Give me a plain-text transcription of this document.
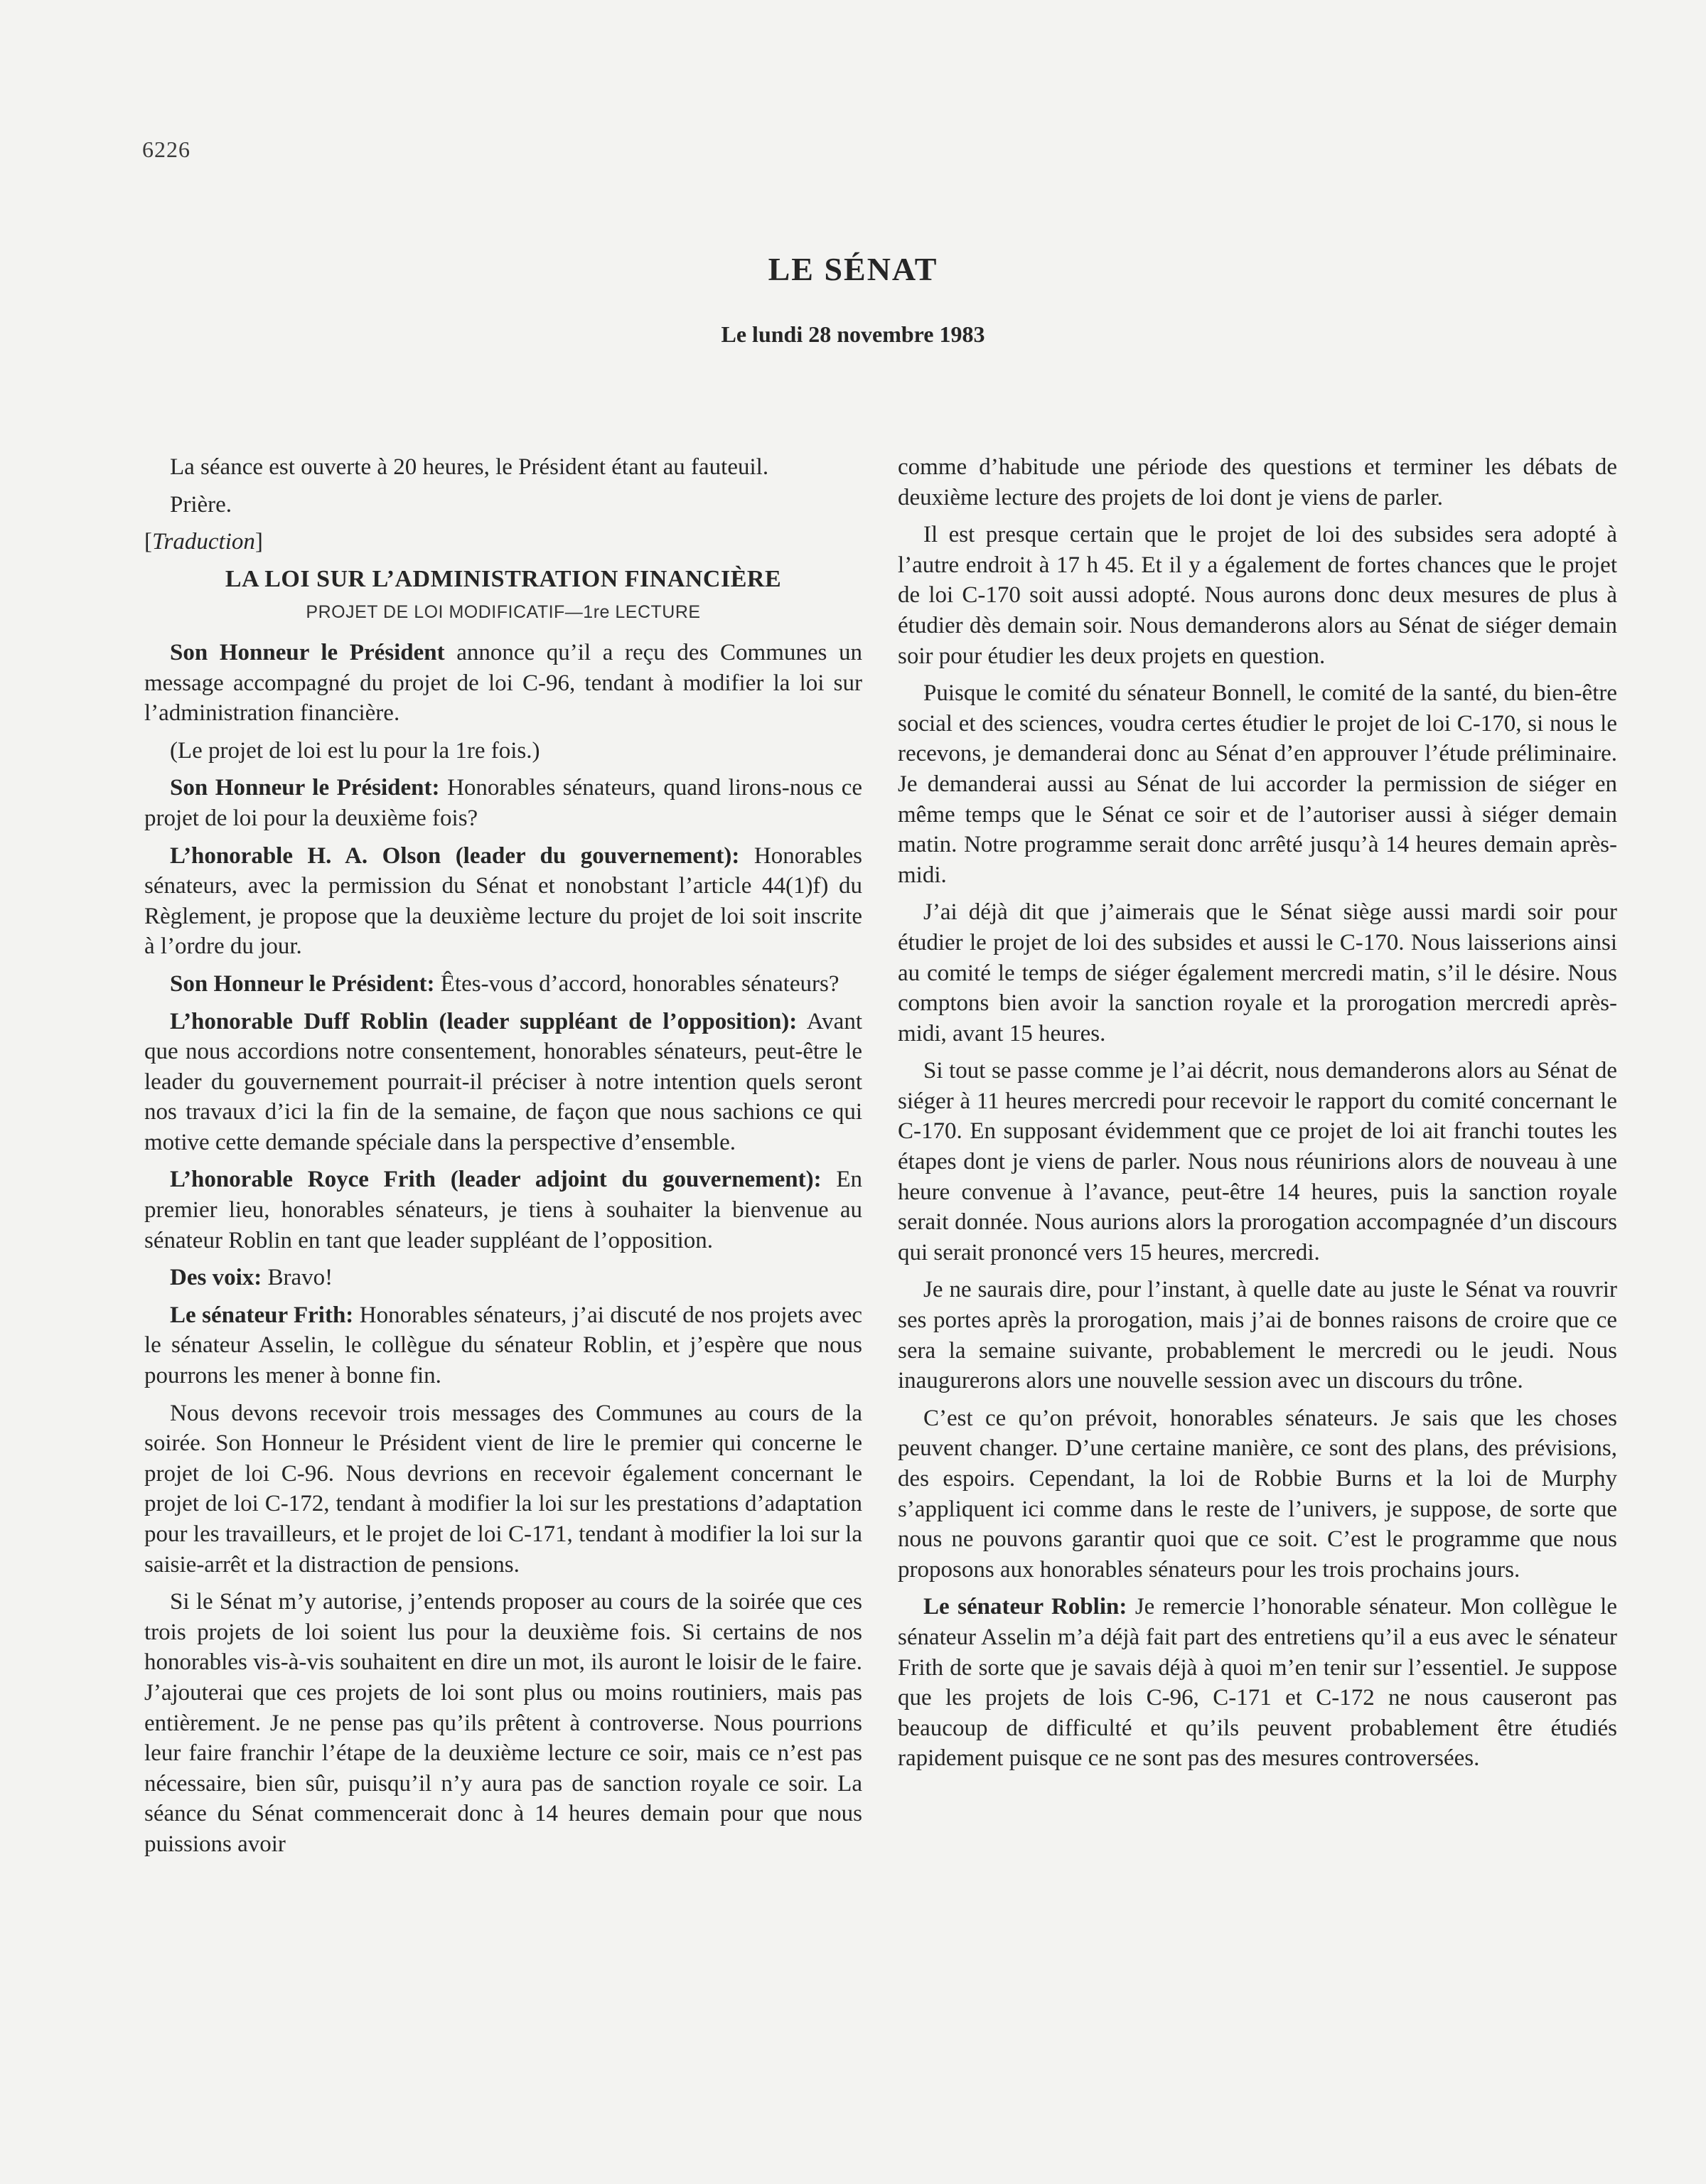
6226
LE SÉNAT
Le lundi 28 novembre 1983

La séance est ouverte à 20 heures, le Président étant au fauteuil.

Prière.

[Traduction]

LA LOI SUR L’ADMINISTRATION FINANCIÈRE
PROJET DE LOI MODIFICATIF—1re LECTURE

Son Honneur le Président annonce qu’il a reçu des Communes un message accompagné du projet de loi C-96, tendant à modifier la loi sur l’administration financière.

(Le projet de loi est lu pour la 1re fois.)

Son Honneur le Président: Honorables sénateurs, quand lirons-nous ce projet de loi pour la deuxième fois?

L’honorable H. A. Olson (leader du gouvernement): Honorables sénateurs, avec la permission du Sénat et nonobstant l’article 44(1)f) du Règlement, je propose que la deuxième lecture du projet de loi soit inscrite à l’ordre du jour.

Son Honneur le Président: Êtes-vous d’accord, honorables sénateurs?

L’honorable Duff Roblin (leader suppléant de l’opposition): Avant que nous accordions notre consentement, honorables sénateurs, peut-être le leader du gouvernement pourrait-il préciser à notre intention quels seront nos travaux d’ici la fin de la semaine, de façon que nous sachions ce qui motive cette demande spéciale dans la perspective d’ensemble.

L’honorable Royce Frith (leader adjoint du gouvernement): En premier lieu, honorables sénateurs, je tiens à souhaiter la bienvenue au sénateur Roblin en tant que leader suppléant de l’opposition.

Des voix: Bravo!

Le sénateur Frith: Honorables sénateurs, j’ai discuté de nos projets avec le sénateur Asselin, le collègue du sénateur Roblin, et j’espère que nous pourrons les mener à bonne fin.

Nous devons recevoir trois messages des Communes au cours de la soirée. Son Honneur le Président vient de lire le premier qui concerne le projet de loi C-96. Nous devrions en recevoir également concernant le projet de loi C-172, tendant à modifier la loi sur les prestations d’adaptation pour les travailleurs, et le projet de loi C-171, tendant à modifier la loi sur la saisie-arrêt et la distraction de pensions.

Si le Sénat m’y autorise, j’entends proposer au cours de la soirée que ces trois projets de loi soient lus pour la deuxième fois. Si certains de nos honorables vis-à-vis souhaitent en dire un mot, ils auront le loisir de le faire. J’ajouterai que ces projets de loi sont plus ou moins routiniers, mais pas entièrement. Je ne pense pas qu’ils prêtent à controverse. Nous pourrions leur faire franchir l’étape de la deuxième lecture ce soir, mais ce n’est pas nécessaire, bien sûr, puisqu’il n’y aura pas de sanction royale ce soir. La séance du Sénat commencerait donc à 14 heures demain pour que nous puissions avoir

comme d’habitude une période des questions et terminer les débats de deuxième lecture des projets de loi dont je viens de parler.

Il est presque certain que le projet de loi des subsides sera adopté à l’autre endroit à 17 h 45. Et il y a également de fortes chances que le projet de loi C-170 soit aussi adopté. Nous aurons donc deux mesures de plus à étudier dès demain soir. Nous demanderons alors au Sénat de siéger demain soir pour étudier les deux projets en question.

Puisque le comité du sénateur Bonnell, le comité de la santé, du bien-être social et des sciences, voudra certes étudier le projet de loi C-170, si nous le recevons, je demanderai donc au Sénat d’en approuver l’étude préliminaire. Je demanderai aussi au Sénat de lui accorder la permission de siéger en même temps que le Sénat ce soir et de l’autoriser aussi à siéger demain matin. Notre programme serait donc arrêté jusqu’à 14 heures demain après-midi.

J’ai déjà dit que j’aimerais que le Sénat siège aussi mardi soir pour étudier le projet de loi des subsides et aussi le C-170. Nous laisserions ainsi au comité le temps de siéger également mercredi matin, s’il le désire. Nous comptons bien avoir la sanction royale et la prorogation mercredi après-midi, avant 15 heures.

Si tout se passe comme je l’ai décrit, nous demanderons alors au Sénat de siéger à 11 heures mercredi pour recevoir le rapport du comité concernant le C-170. En supposant évidemment que ce projet de loi ait franchi toutes les étapes dont je viens de parler. Nous nous réunirions alors de nouveau à une heure convenue à l’avance, peut-être 14 heures, puis la sanction royale serait donnée. Nous aurions alors la prorogation accompagnée d’un discours qui serait prononcé vers 15 heures, mercredi.

Je ne saurais dire, pour l’instant, à quelle date au juste le Sénat va rouvrir ses portes après la prorogation, mais j’ai de bonnes raisons de croire que ce sera la semaine suivante, probablement le mercredi ou le jeudi. Nous inaugurerons alors une nouvelle session avec un discours du trône.

C’est ce qu’on prévoit, honorables sénateurs. Je sais que les choses peuvent changer. D’une certaine manière, ce sont des plans, des prévisions, des espoirs. Cependant, la loi de Robbie Burns et la loi de Murphy s’appliquent ici comme dans le reste de l’univers, je suppose, de sorte que nous ne pouvons garantir quoi que ce soit. C’est le programme que nous proposons aux honorables sénateurs pour les trois prochains jours.

Le sénateur Roblin: Je remercie l’honorable sénateur. Mon collègue le sénateur Asselin m’a déjà fait part des entretiens qu’il a eus avec le sénateur Frith de sorte que je savais déjà à quoi m’en tenir sur l’essentiel. Je suppose que les projets de lois C-96, C-171 et C-172 ne nous causeront pas beaucoup de difficulté et qu’ils peuvent probablement être étudiés rapidement puisque ce ne sont pas des mesures controversées.
